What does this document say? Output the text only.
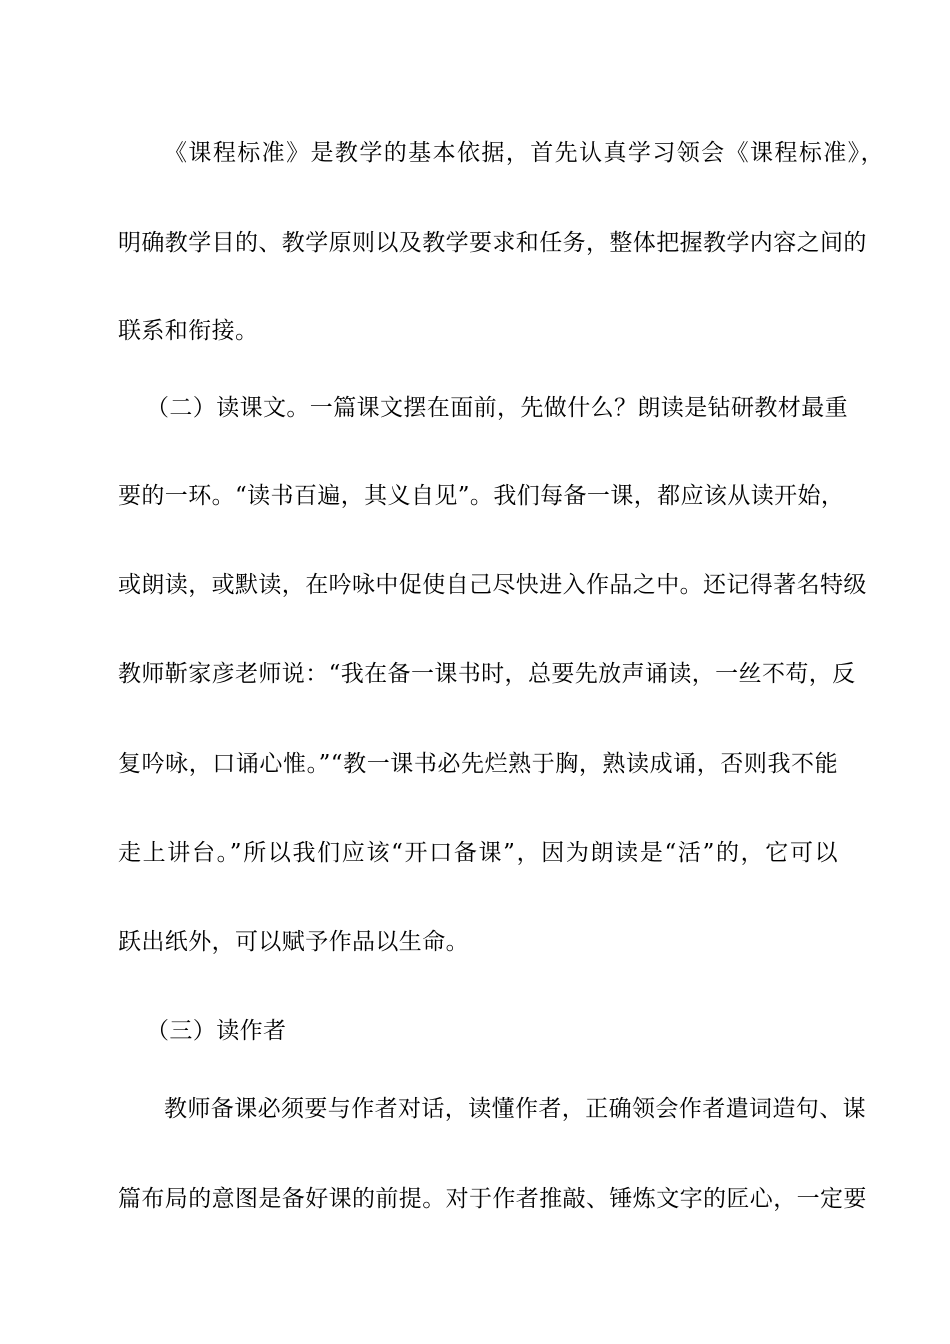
《课程标准》是教学的基本依据，首先认真学习领会《课程标准》，
明确教学目的、教学原则以及教学要求和任务，整体把握教学内容之间的
联系和衔接。
（二）读课文。一篇课文摆在面前，先做什么？朗读是钻研教材最重
要的一环。“读书百遍，其义自见”。我们每备一课，都应该从读开始，
或朗读，或默读，在吟咏中促使自己尽快进入作品之中。还记得著名特级
教师靳家彦老师说：“我在备一课书时，总要先放声诵读，一丝不苟，反
复吟咏，口诵心惟。”“教一课书必先烂熟于胸，熟读成诵，否则我不能
走上讲台。”所以我们应该“开口备课”，因为朗读是“活”的，它可以
跃出纸外，可以赋予作品以生命。
（三）读作者
教师备课必须要与作者对话，读懂作者，正确领会作者遣词造句、谋
篇布局的意图是备好课的前提。对于作者推敲、锤炼文字的匠心，一定要
